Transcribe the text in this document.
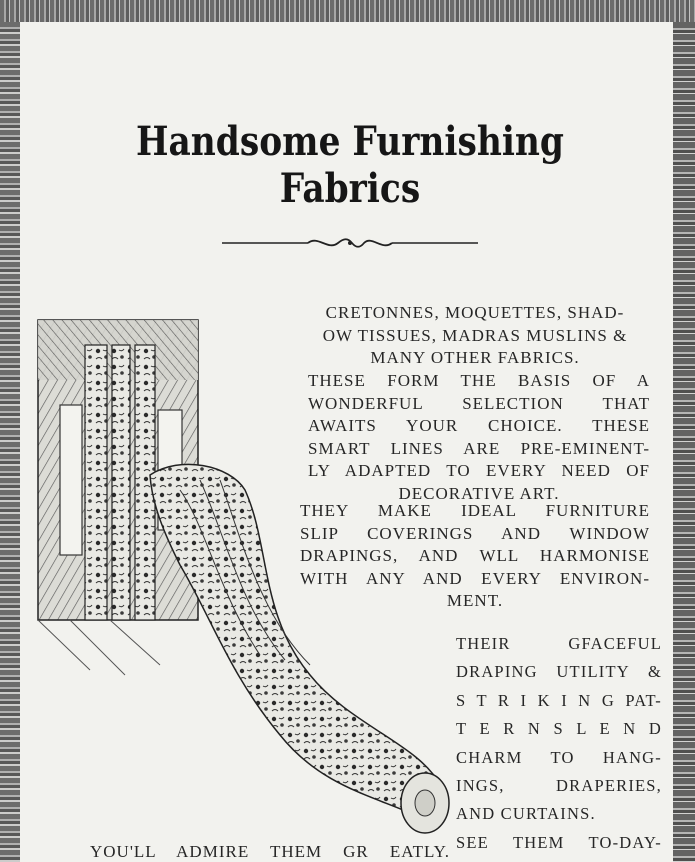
Handsome Furnishing Fabrics
CRETONNES, MOQUETTES, SHAD-
OW TISSUES, MADRAS MUSLINS &
MANY OTHER FABRICS.
THESE FORM THE BASIS OF A
WONDERFUL SELECTION THAT
AWAITS YOUR CHOICE. THESE
SMART LINES ARE PRE-EMINENT-
LY ADAPTED TO EVERY NEED OF
DECORATIVE ART.
THEY MAKE IDEAL FURNITURE
SLIP COVERINGS AND WINDOW
DRAPINGS, AND WLL HARMONISE
WITH ANY AND EVERY ENVIRON-
MENT.
THEIR GFACEFUL
DRAPING UTILITY &
S T R I K I N G PAT-
T E R N S L E N D
CHARM TO HANG-
INGS, DRAPERIES,
AND CURTAINS.
SEE THEM TO-DAY-
YOU'LL ADMIRE THEM GR EATLY.
